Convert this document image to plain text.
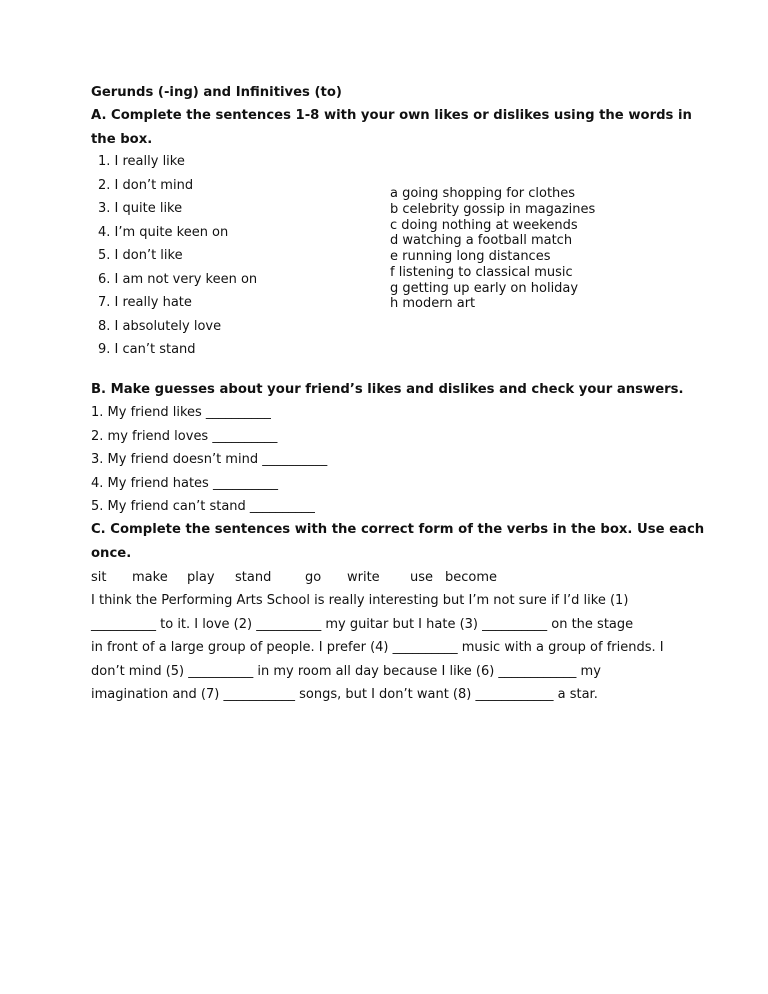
Gerunds (-ing) and Infinitives (to)
A. Complete the sentences 1-8 with your own likes or dislikes using the words in
the box.
1. I really like
2. I don’t mind
3. I quite like
4. I’m quite keen on
5. I don’t like
6. I am not very keen on
7. I really hate
8. I absolutely love
9. I can’t stand
a going shopping for clothes
b celebrity gossip in magazines
c doing nothing at weekends
d watching a football match
e running long distances
f listening to classical music
g getting up early on holiday
h modern art
B. Make guesses about your friend’s likes and dislikes and check your answers.
1. My friend likes __________
2. my friend loves __________
3. My friend doesn’t mind __________
4. My friend hates __________
5. My friend can’t stand __________
C. Complete the sentences with the correct form of the verbs in the box. Use each
once.
sit make play stand	go write use become
I think the Performing Arts School is really interesting but I’m not sure if I’d like (1)
__________ to it. I love (2) __________ my guitar but I hate (3) __________ on the stage
in front of a large group of people. I prefer (4) __________ music with a group of friends. I
don’t mind (5) __________ in my room all day because I like (6) ____________ my
imagination and (7) ___________ songs, but I don’t want (8) ____________ a star.
